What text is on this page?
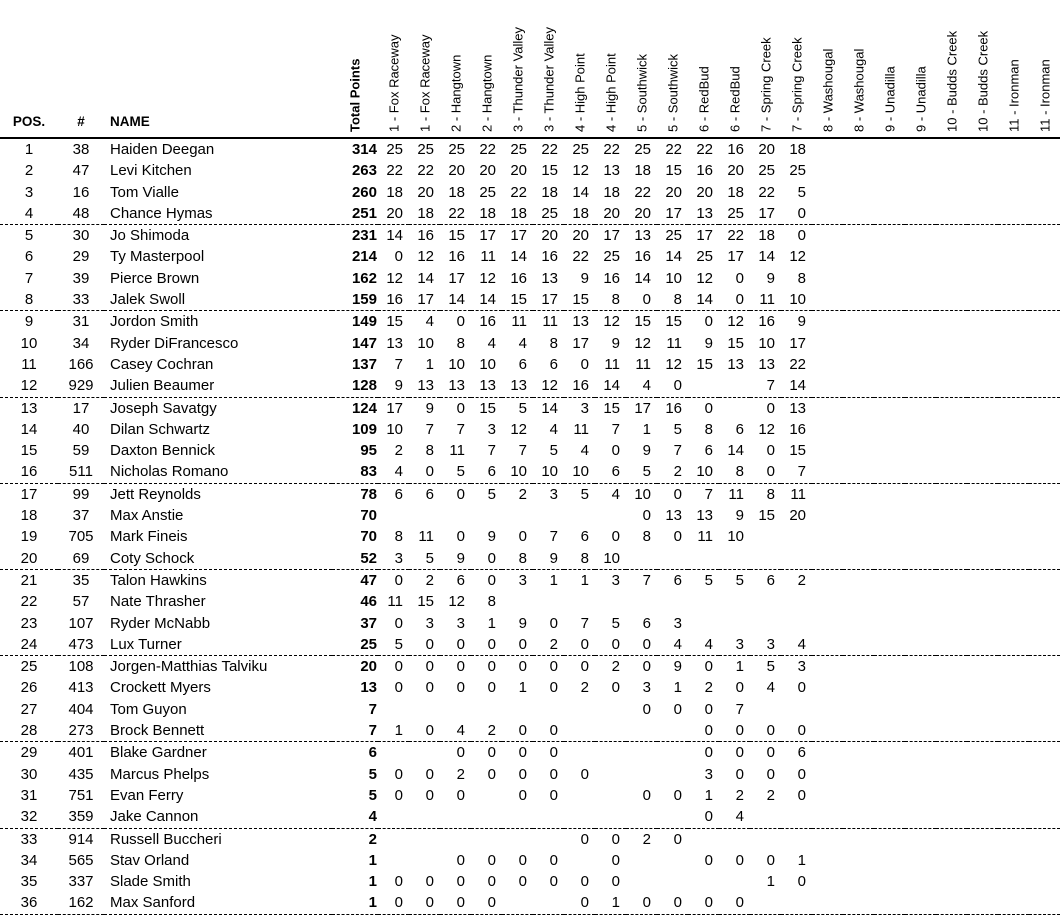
POS.	#	NAME	Total Points	1 - Fox Raceway	1 - Fox Raceway	2 - Hangtown	2 - Hangtown	3 - Thunder Valley	3 - Thunder Valley	4 - High Point	4 - High Point	5 - Southwick	5 - Southwick	6 - RedBud	6 - RedBud	7 - Spring Creek	7 - Spring Creek	8 - Washougal	8 - Washougal	9 - Unadilla	9 - Unadilla	10 - Budds Creek	10 - Budds Creek	11 - Ironman	11 - Ironman

1	38	Haiden Deegan	314	25	25	25	22	25	22	25	22	25	22	22	16	20	18								
2	47	Levi Kitchen	263	22	22	20	20	20	15	12	13	18	15	16	20	25	25								
3	16	Tom Vialle	260	18	20	18	25	22	18	14	18	22	20	20	18	22	5								
4	48	Chance Hymas	251	20	18	22	18	18	25	18	20	20	17	13	25	17	0								
5	30	Jo Shimoda	231	14	16	15	17	17	20	20	17	13	25	17	22	18	0								
6	29	Ty Masterpool	214	0	12	16	11	14	16	22	25	16	14	25	17	14	12								
7	39	Pierce Brown	162	12	14	17	12	16	13	9	16	14	10	12	0	9	8								
8	33	Jalek Swoll	159	16	17	14	14	15	17	15	8	0	8	14	0	11	10								
9	31	Jordon Smith	149	15	4	0	16	11	11	13	12	15	15	0	12	16	9								
10	34	Ryder DiFrancesco	147	13	10	8	4	4	8	17	9	12	11	9	15	10	17								
11	166	Casey Cochran	137	7	1	10	10	6	6	0	11	11	12	15	13	13	22								
12	929	Julien Beaumer	128	9	13	13	13	13	12	16	14	4	0			7	14								
13	17	Joseph Savatgy	124	17	9	0	15	5	14	3	15	17	16	0		0	13								
14	40	Dilan Schwartz	109	10	7	7	3	12	4	11	7	1	5	8	6	12	16								
15	59	Daxton Bennick	95	2	8	11	7	7	5	4	0	9	7	6	14	0	15								
16	511	Nicholas Romano	83	4	0	5	6	10	10	10	6	5	2	10	8	0	7								
17	99	Jett Reynolds	78	6	6	0	5	2	3	5	4	10	0	7	11	8	11								
18	37	Max Anstie	70									0	13	13	9	15	20								
19	705	Mark Fineis	70	8	11	0	9	0	7	6	0	8	0	11	10										
20	69	Coty Schock	52	3	5	9	0	8	9	8	10														
21	35	Talon Hawkins	47	0	2	6	0	3	1	1	3	7	6	5	5	6	2								
22	57	Nate Thrasher	46	11	15	12	8																		
23	107	Ryder McNabb	37	0	3	3	1	9	0	7	5	6	3												
24	473	Lux Turner	25	5	0	0	0	0	2	0	0	0	4	4	3	3	4								
25	108	Jorgen-Matthias Talviku	20	0	0	0	0	0	0	0	2	0	9	0	1	5	3								
26	413	Crockett Myers	13	0	0	0	0	1	0	2	0	3	1	2	0	4	0								
27	404	Tom Guyon	7									0	0	0	7										
28	273	Brock Bennett	7	1	0	4	2	0	0					0	0	0	0								
29	401	Blake Gardner	6			0	0	0	0					0	0	0	6								
30	435	Marcus Phelps	5	0	0	2	0	0	0	0				3	0	0	0								
31	751	Evan Ferry	5	0	0	0		0	0			0	0	1	2	2	0								
32	359	Jake Cannon	4											0	4										
33	914	Russell Buccheri	2							0	0	2	0												
34	565	Stav Orland	1			0	0	0	0		0			0	0	0	1								
35	337	Slade Smith	1	0	0	0	0	0	0	0	0					1	0								
36	162	Max Sanford	1	0	0	0	0			0	1	0	0	0	0										
